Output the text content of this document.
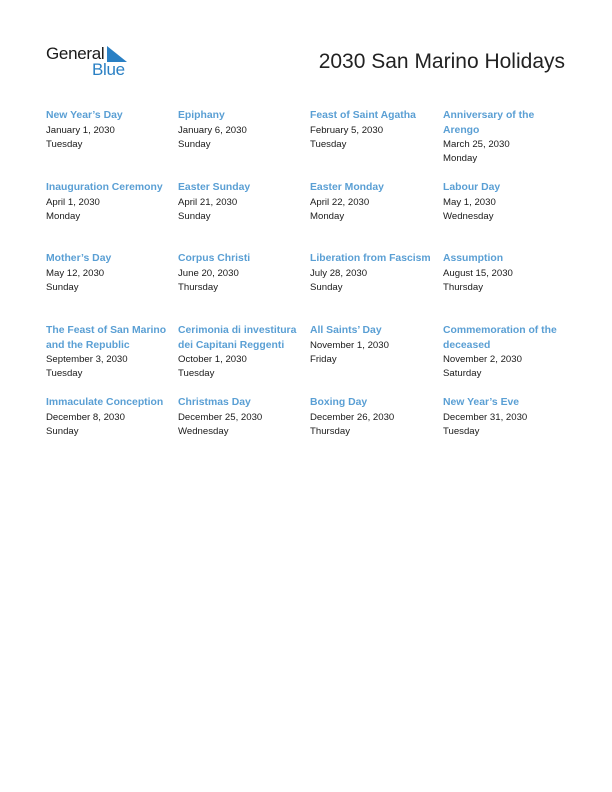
General
Blue	2030 San Marino Holidays
New Year’s Day
January 1, 2030
Tuesday
Epiphany
January 6, 2030
Sunday
Feast of Saint Agatha
February 5, 2030
Tuesday
Anniversary of the Arengo
March 25, 2030
Monday
Inauguration Ceremony
April 1, 2030
Monday
Easter Sunday
April 21, 2030
Sunday
Easter Monday
April 22, 2030
Monday
Labour Day
May 1, 2030
Wednesday
Mother’s Day
May 12, 2030
Sunday
Corpus Christi
June 20, 2030
Thursday
Liberation from Fascism
July 28, 2030
Sunday
Assumption
August 15, 2030
Thursday
The Feast of San Marino and the Republic
September 3, 2030
Tuesday
Cerimonia di investitura dei Capitani Reggenti
October 1, 2030
Tuesday
All Saints’ Day
November 1, 2030
Friday
Commemoration of the deceased
November 2, 2030
Saturday
Immaculate Conception
December 8, 2030
Sunday
Christmas Day
December 25, 2030
Wednesday
Boxing Day
December 26, 2030
Thursday
New Year’s Eve
December 31, 2030
Tuesday
